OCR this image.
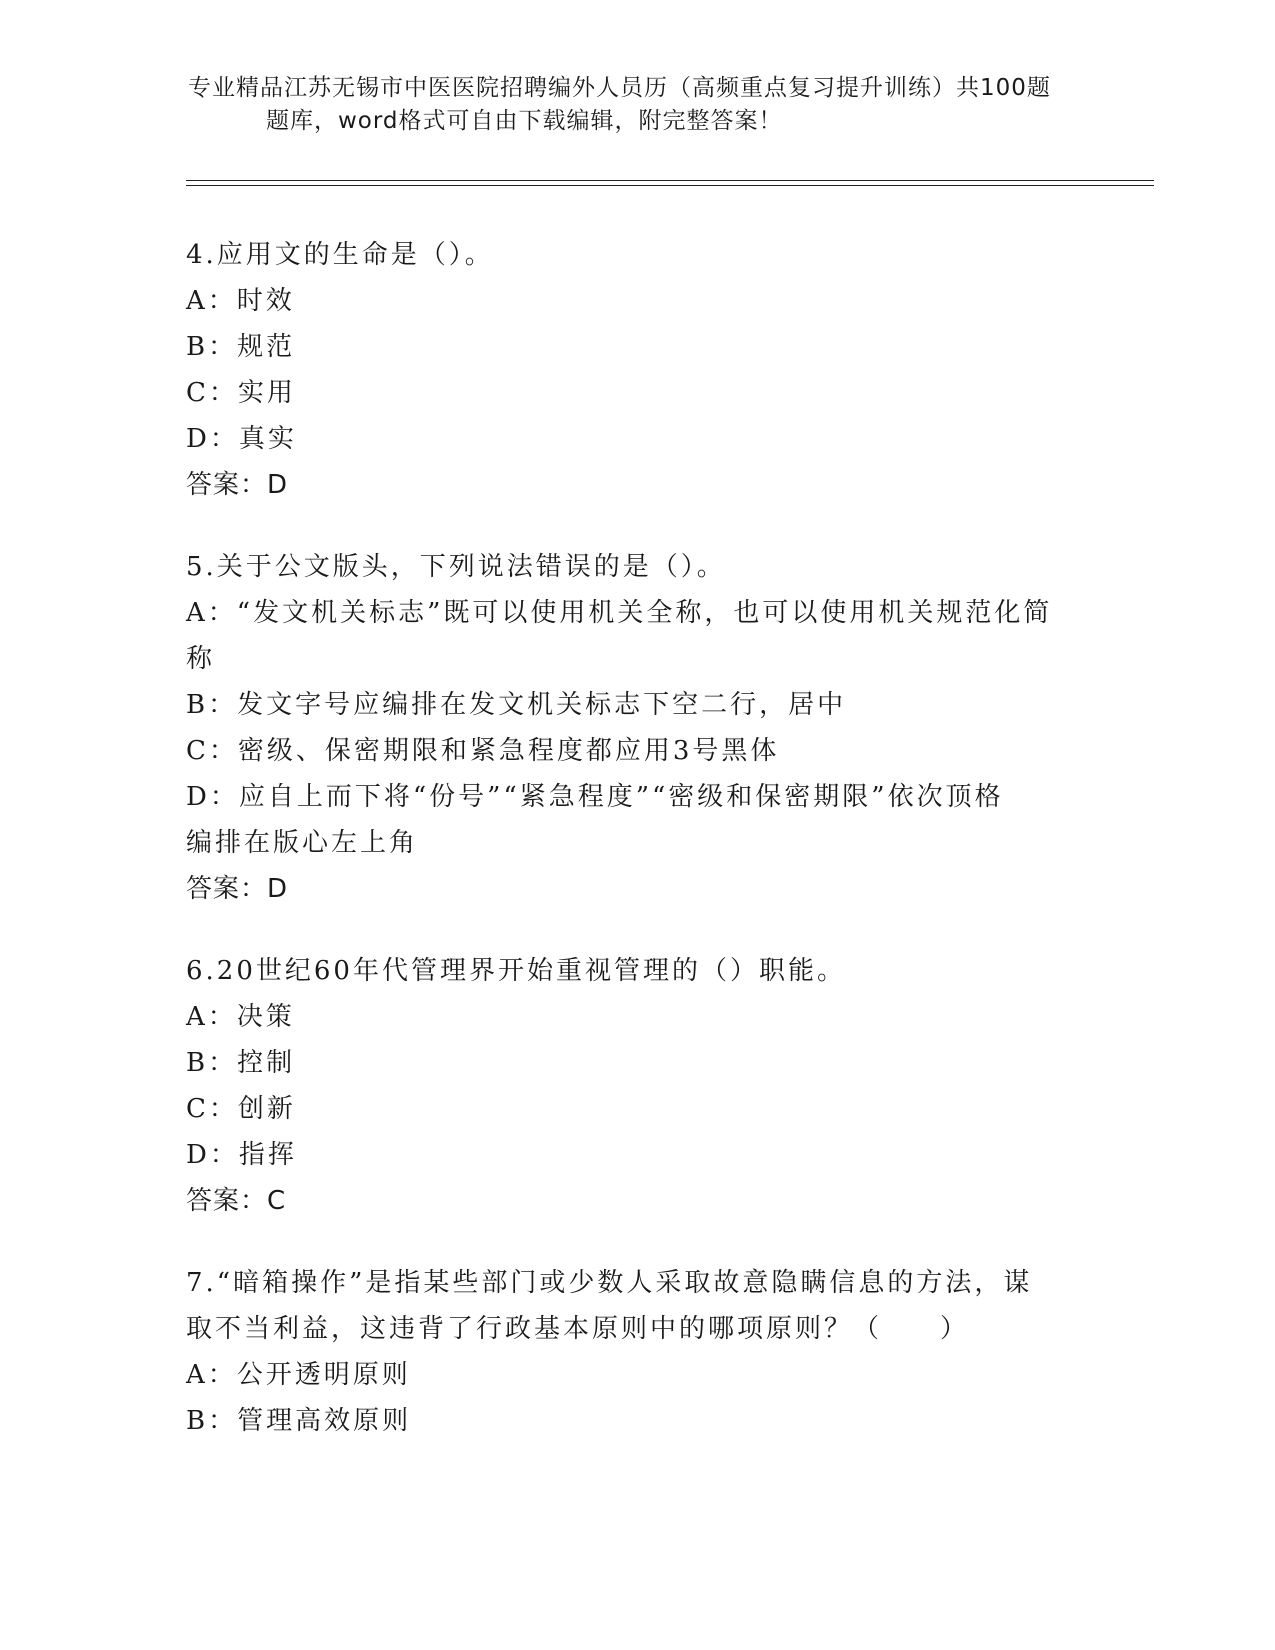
专业精品江苏无锡市中医医院招聘编外人员历（高频重点复习提升训练）共100题
题库，word格式可自由下载编辑，附完整答案！
4.应用文的生命是（）。
A：时效
B：规范
C：实用
D：真实
答案：D
5.关于公文版头，下列说法错误的是（）。
A：“发文机关标志”既可以使用机关全称，也可以使用机关规范化简
称
B：发文字号应编排在发文机关标志下空二行，居中
C：密级、保密期限和紧急程度都应用3号黑体
D：应自上而下将“份号”“紧急程度”“密级和保密期限”依次顶格
编排在版心左上角
答案：D
6.20世纪60年代管理界开始重视管理的（）职能。
A：决策
B：控制
C：创新
D：指挥
答案：C
7.“暗箱操作”是指某些部门或少数人采取故意隐瞒信息的方法，谋
取不当利益，这违背了行政基本原则中的哪项原则？（　　）
A：公开透明原则
B：管理高效原则
